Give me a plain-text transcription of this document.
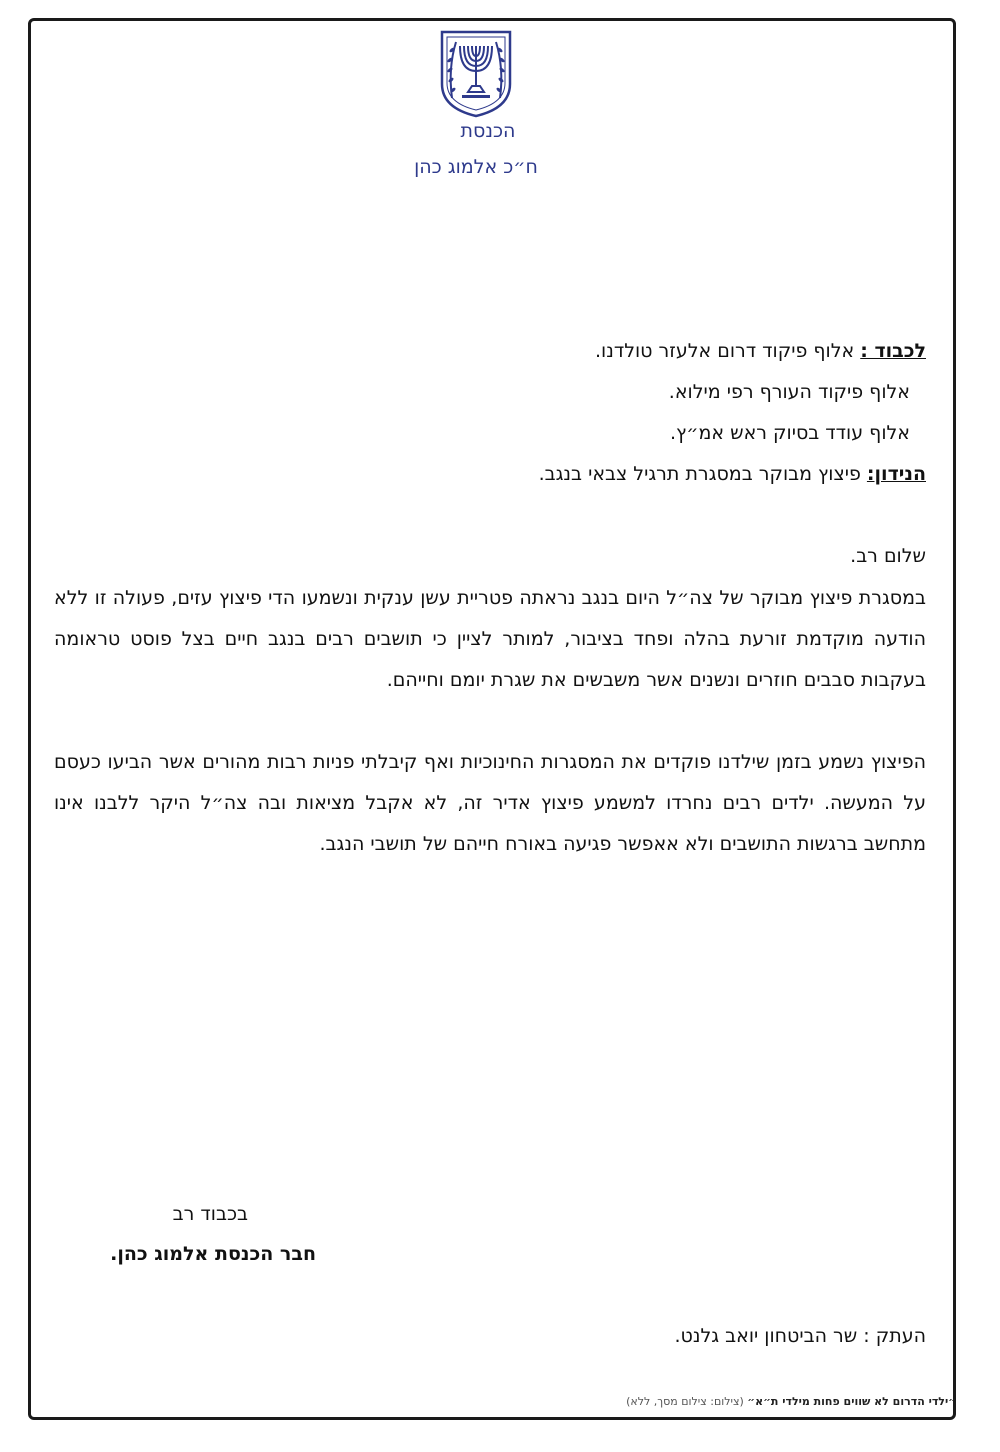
הכנסת
ח״כ אלמוג כהן
לכבוד : אלוף פיקוד דרום אלעזר טולדנו.
אלוף פיקוד העורף רפי מילוא.
אלוף עודד בסיוק ראש אמ״ץ.
הנידון: פיצוץ מבוקר במסגרת תרגיל צבאי בנגב.
שלום רב.
במסגרת פיצוץ מבוקר של צה״ל היום בנגב נראתה פטריית עשן ענקית ונשמעו הדי פיצוץ עזים, פעולה זו ללא הודעה מוקדמת זורעת בהלה ופחד בציבור, למותר לציין כי תושבים רבים בנגב חיים בצל פוסט טראומה בעקבות סבבים חוזרים ונשנים אשר משבשים את שגרת יומם וחייהם.
הפיצוץ נשמע בזמן שילדנו פוקדים את המסגרות החינוכיות ואף קיבלתי פניות רבות מהורים אשר הביעו כעסם על המעשה. ילדים רבים נחרדו למשמע פיצוץ אדיר זה, לא אקבל מציאות ובה צה״ל היקר ללבנו אינו מתחשב ברגשות התושבים ולא אאפשר פגיעה באורח חייהם של תושבי הנגב.
בכבוד רב
חבר הכנסת אלמוג כהן.
העתק : שר הביטחון יואב גלנט.
״ילדי הדרום לא שווים פחות מילדי ת״א״ (צילום: צילום מסך, ללא)
